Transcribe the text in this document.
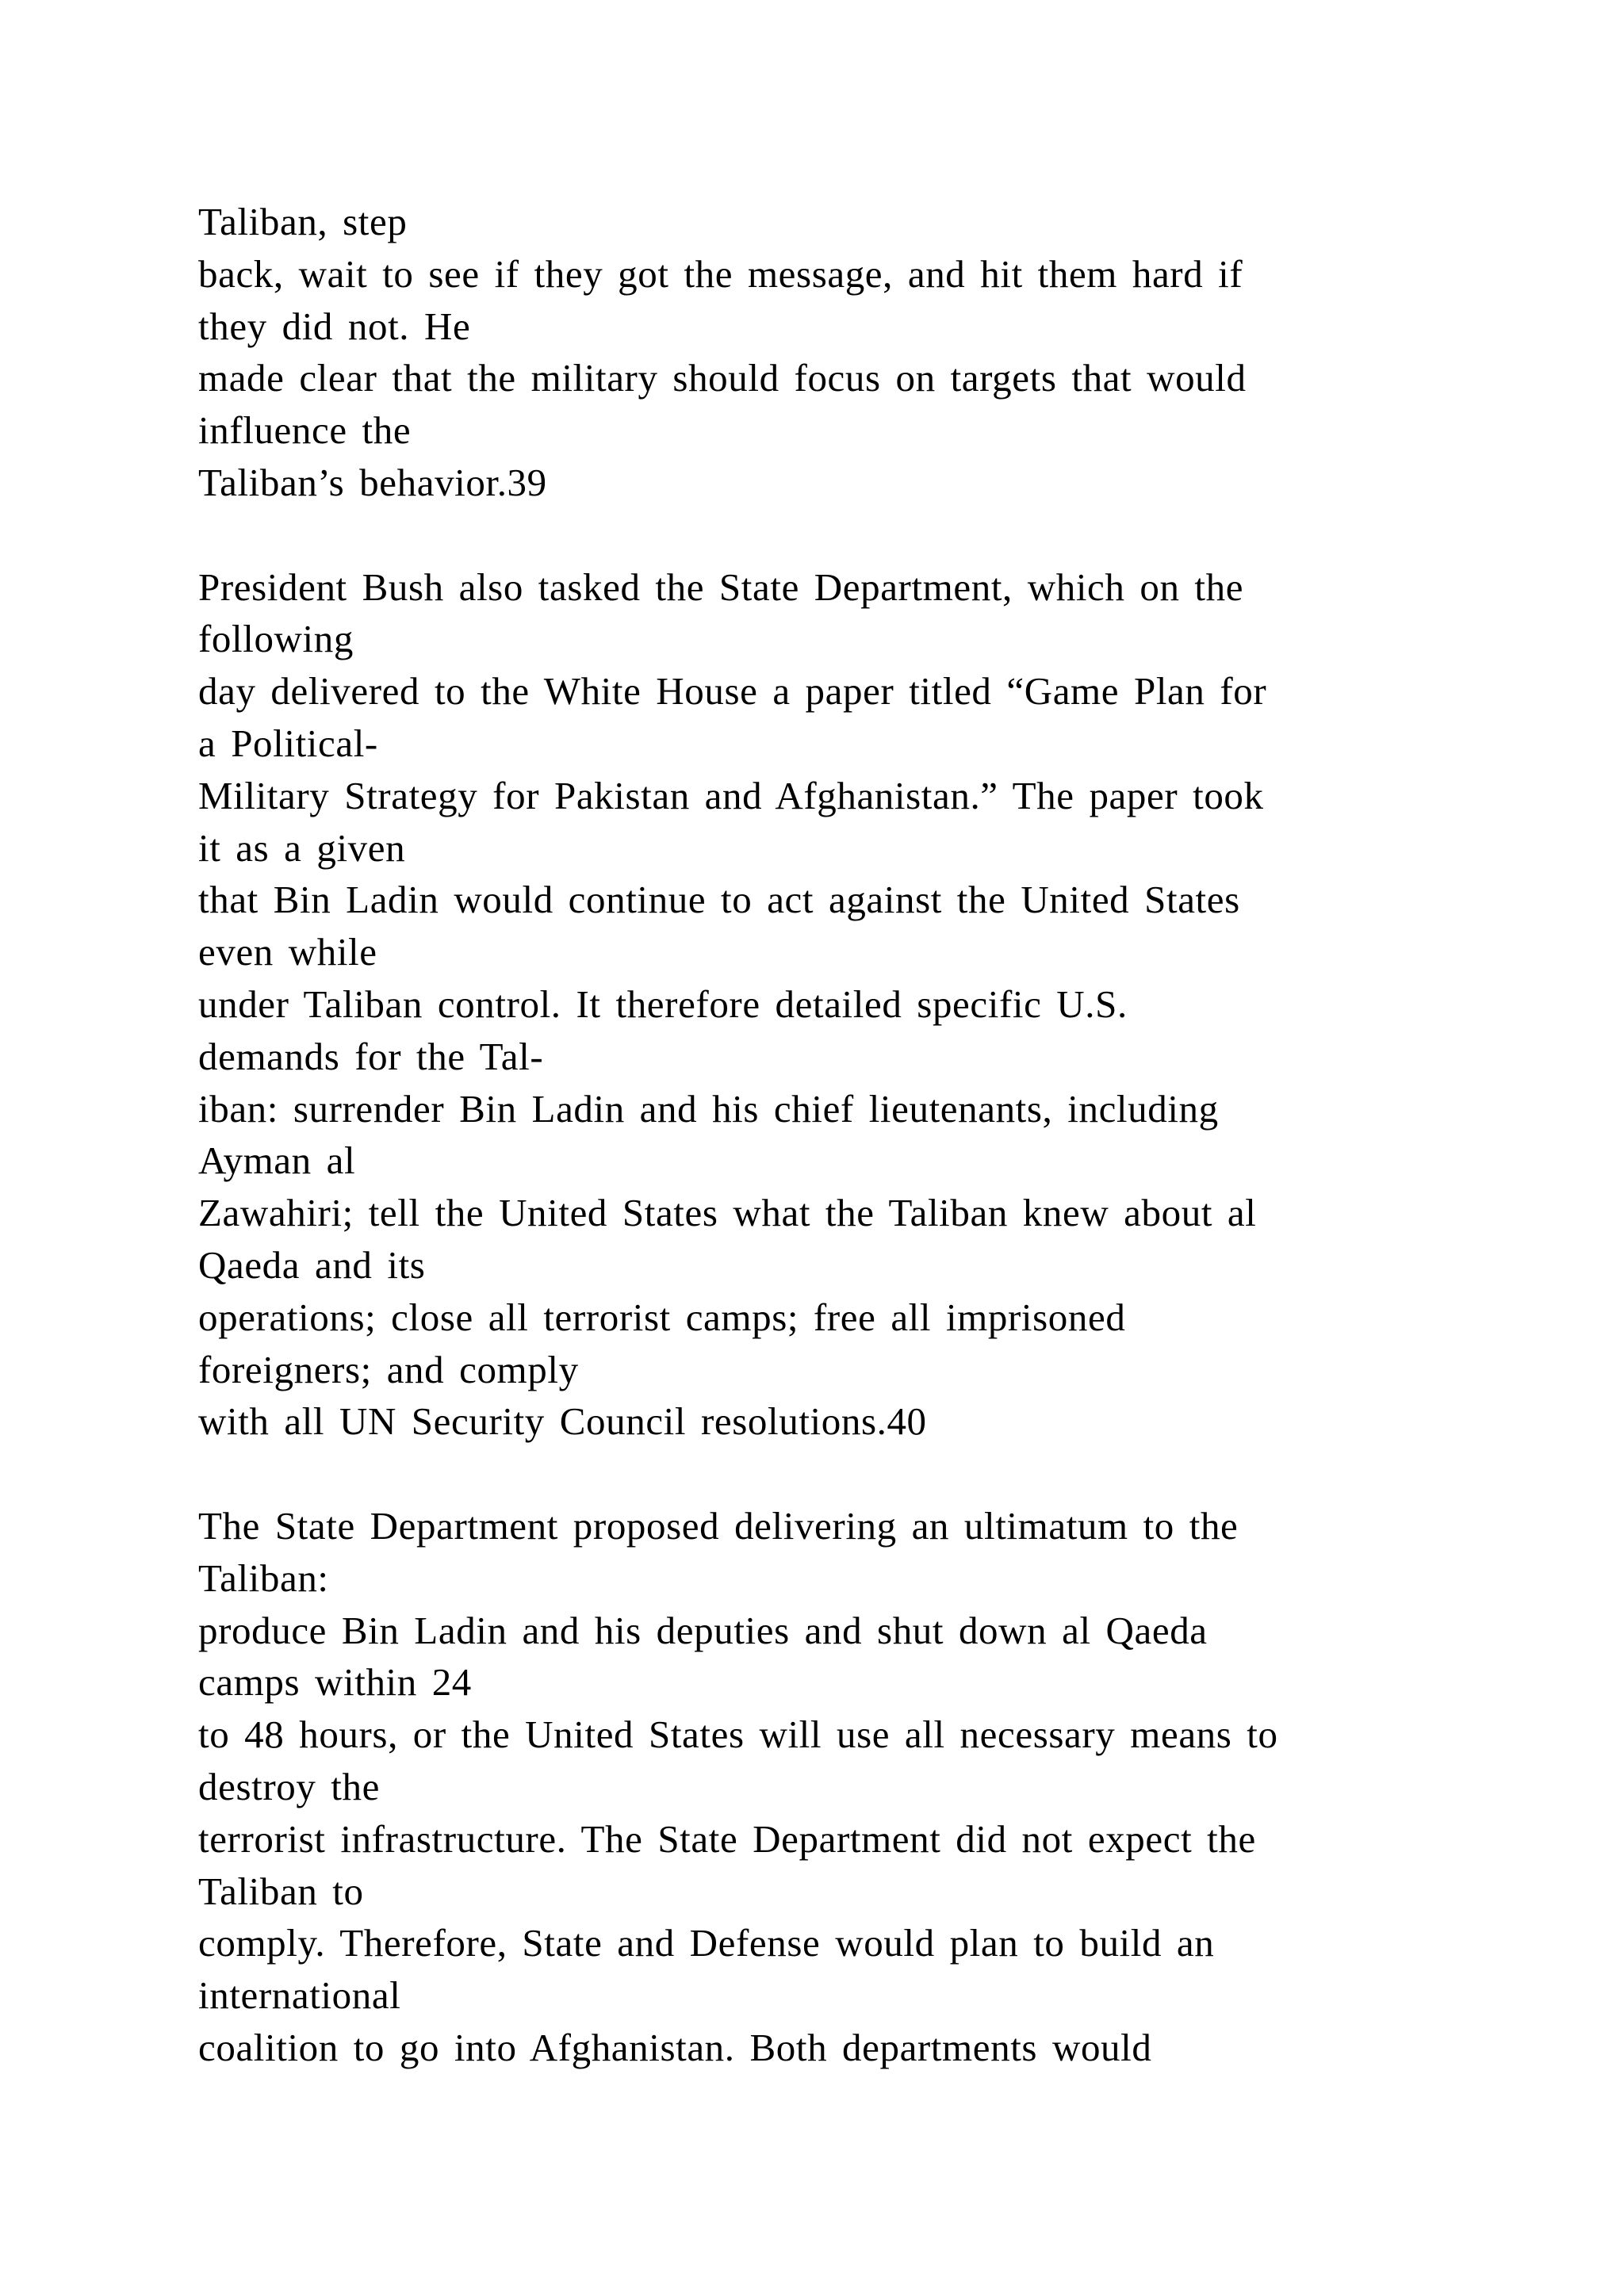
Taliban, step
back, wait to see if they got the message, and hit them hard if
they did not. He
made clear that the military should focus on targets that would
influence the
Taliban’s behavior.39
President Bush also tasked the State Department, which on the
following
day delivered to the White House a paper titled “Game Plan for
a Political-
Military Strategy for Pakistan and Afghanistan.” The paper took
it as a given
that Bin Ladin would continue to act against the United States
even while
under Taliban control. It therefore detailed specific U.S.
demands for the Tal-
iban: surrender Bin Ladin and his chief lieutenants, including
Ayman al
Zawahiri; tell the United States what the Taliban knew about al
Qaeda and its
operations; close all terrorist camps; free all imprisoned
foreigners; and comply
with all UN Security Council resolutions.40
The State Department proposed delivering an ultimatum to the
Taliban:
produce Bin Ladin and his deputies and shut down al Qaeda
camps within 24
to 48 hours, or the United States will use all necessary means to
destroy the
terrorist infrastructure. The State Department did not expect the
Taliban to
comply. Therefore, State and Defense would plan to build an
international
coalition to go into Afghanistan. Both departments would
